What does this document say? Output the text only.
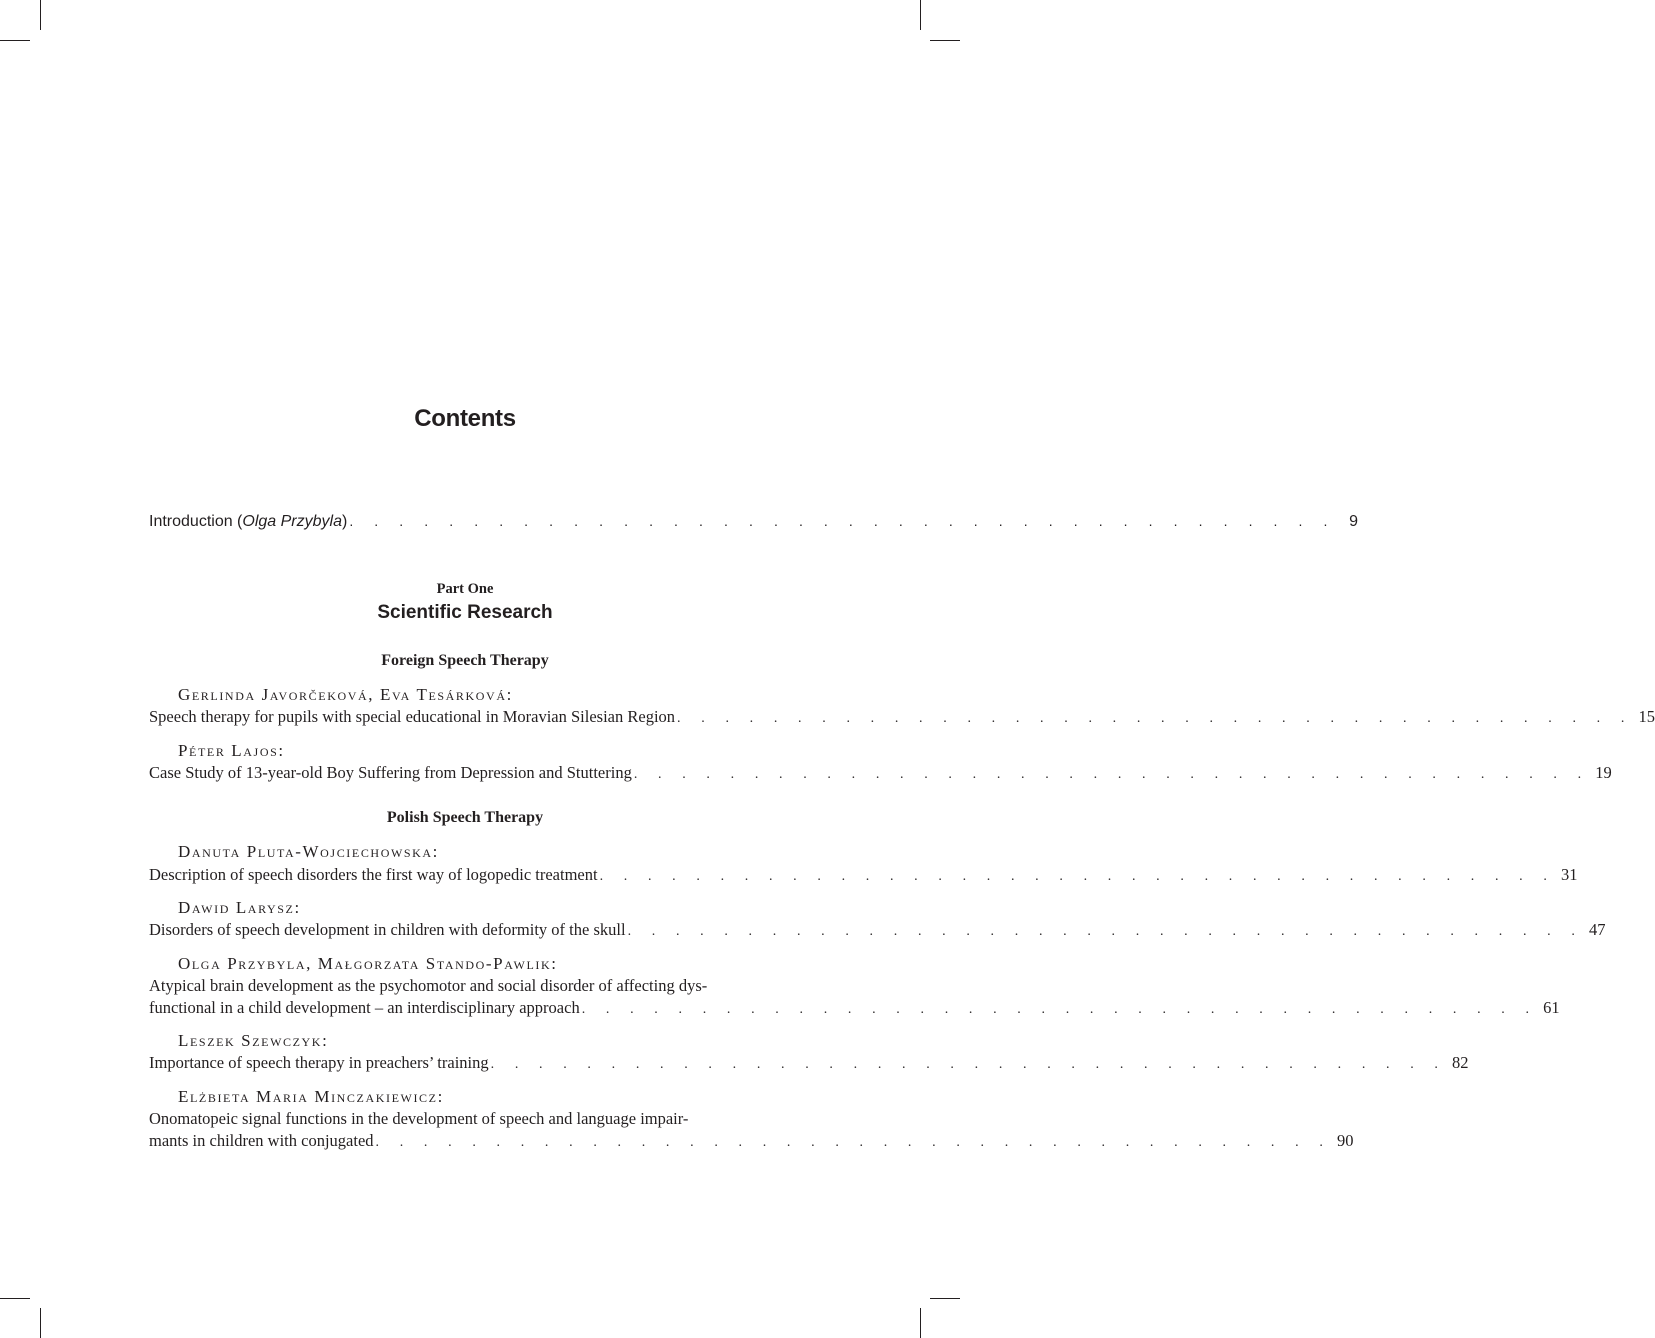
Contents
Introduction (Olga Przybyla) . . . . . . . . . . . . . . . . . . . . . . . . . . . . . . . . . . . . . . . . 9
Part One
Scientific Research
Foreign Speech Therapy
Gerlinda Javorčeková, Eva Tesárková:
Speech therapy for pupils with special educational in Moravian Silesian Region . . . . . . . . . . . . . . . . . . . . . . . . . . . . . . . . . . . . . . . . 15
Péter Lajos:
Case Study of 13-year-old Boy Suffering from Depression and Stuttering . . . . . . . . . . . . . . . . . . . . . . . . . . . . . . . . . . . . . . . . 19
Polish Speech Therapy
Danuta Pluta-Wojciechowska:
Description of speech disorders the first way of logopedic treatment . . . . . . . . . . . . . . . . . . . . . . . . . . . . . . . . . . . . . . . . 31
Dawid Larysz:
Disorders of speech development in children with deformity of the skull . . . . . . . . . . . . . . . . . . . . . . . . . . . . . . . . . . . . . . . . 47
Olga Przybyla, Małgorzata Stando-Pawlik:
Atypical brain development as the psychomotor and social disorder of affecting dys-
functional in a child development – an interdisciplinary approach . . . . . . . . . . . . . . . . . . . . . . . . . . . . . . . . . . . . . . . . 61
Leszek Szewczyk:
Importance of speech therapy in preachers’ training . . . . . . . . . . . . . . . . . . . . . . . . . . . . . . . . . . . . . . . . 82
Elżbieta Maria Minczakiewicz:
Onomatopeic signal functions in the development of speech and language impair-
mants in children with conjugated . . . . . . . . . . . . . . . . . . . . . . . . . . . . . . . . . . . . . . . . 90
